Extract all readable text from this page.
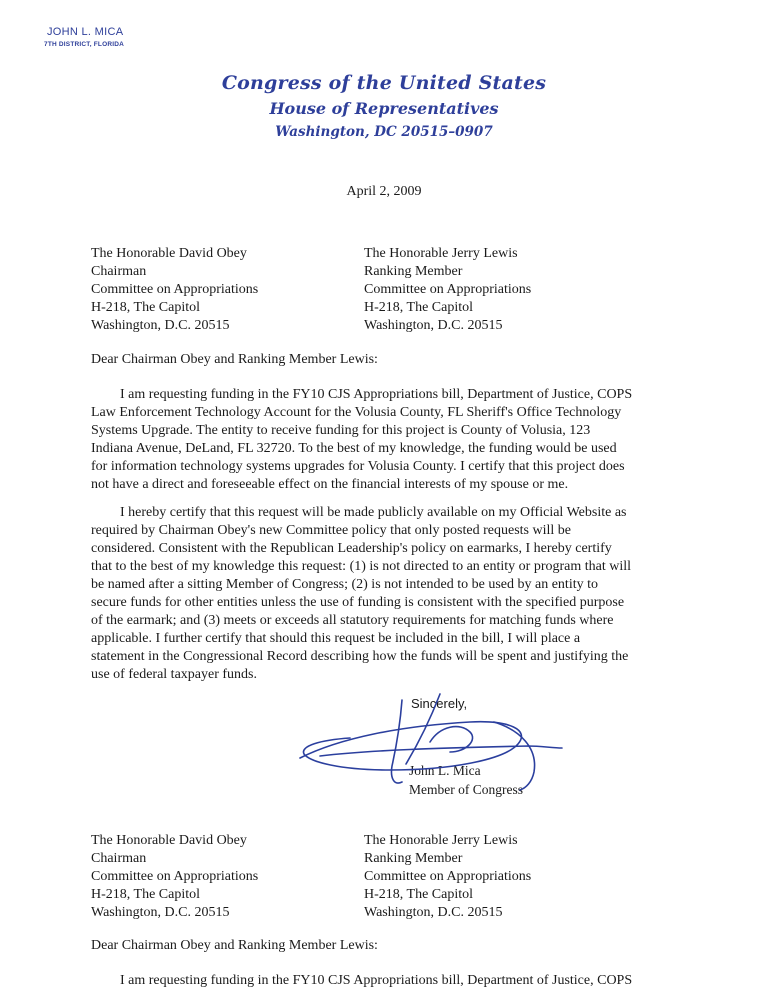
JOHN L. MICA
7TH DISTRICT, FLORIDA
Congress of the United States
House of Representatives
Washington, DC 20515–0907
April 2, 2009
The Honorable David Obey
Chairman
Committee on Appropriations
H-218, The Capitol
Washington, D.C. 20515
The Honorable Jerry Lewis
Ranking Member
Committee on Appropriations
H-218, The Capitol
Washington, D.C. 20515
Dear Chairman Obey and Ranking Member Lewis:
I am requesting funding in the FY10 CJS Appropriations bill, Department of Justice, COPS
Law Enforcement Technology Account for the Volusia County, FL Sheriff's Office Technology
Systems Upgrade. The entity to receive funding for this project is County of Volusia, 123
Indiana Avenue, DeLand, FL 32720. To the best of my knowledge, the funding would be used
for information technology systems upgrades for Volusia County. I certify that this project does
not have a direct and foreseeable effect on the financial interests of my spouse or me.
I hereby certify that this request will be made publicly available on my Official Website as
required by Chairman Obey's new Committee policy that only posted requests will be
considered. Consistent with the Republican Leadership's policy on earmarks, I hereby certify
that to the best of my knowledge this request: (1) is not directed to an entity or program that will
be named after a sitting Member of Congress; (2) is not intended to be used by an entity to
secure funds for other entities unless the use of funding is consistent with the specified purpose
of the earmark; and (3) meets or exceeds all statutory requirements for matching funds where
applicable. I further certify that should this request be included in the bill, I will place a
statement in the Congressional Record describing how the funds will be spent and justifying the
use of federal taxpayer funds.
Sincerely,
John L. Mica
Member of Congress
The Honorable David Obey
Chairman
Committee on Appropriations
H-218, The Capitol
Washington, D.C. 20515
The Honorable Jerry Lewis
Ranking Member
Committee on Appropriations
H-218, The Capitol
Washington, D.C. 20515
Dear Chairman Obey and Ranking Member Lewis:
I am requesting funding in the FY10 CJS Appropriations bill, Department of Justice, COPS
